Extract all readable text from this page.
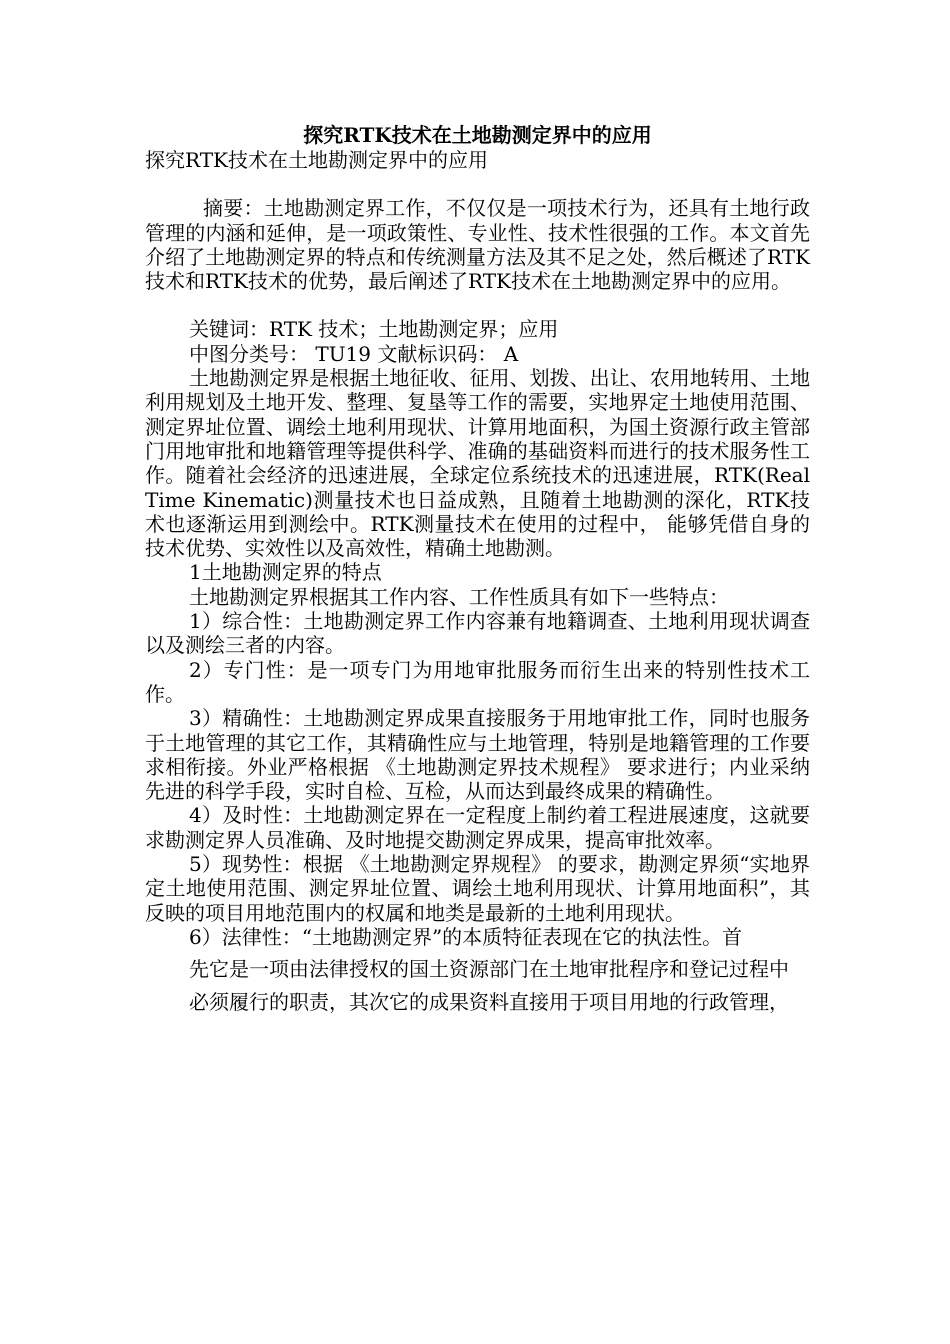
探究RTK技术在土地勘测定界中的应用

探究RTK技术在土地勘测定界中的应用

摘要：土地勘测定界工作，不仅仅是一项技术行为，还具有土地行政管理的内涵和延伸，是一项政策性、专业性、技术性很强的工作。本文首先介绍了土地勘测定界的特点和传统测量方法及其不足之处，然后概述了RTK技术和RTK技术的优势，最后阐述了RTK技术在土地勘测定界中的应用。

关键词：RTK 技术；土地勘测定界；应用

中图分类号： TU19 文献标识码： A

土地勘测定界是根据土地征收、征用、划拨、出让、农用地转用、土地利用规划及土地开发、整理、复垦等工作的需要，实地界定土地使用范围、测定界址位置、调绘土地利用现状、计算用地面积，为国土资源行政主管部门用地审批和地籍管理等提供科学、准确的基础资料而进行的技术服务性工作。随着社会经济的迅速进展，全球定位系统技术的迅速进展，RTK(Real Time Kinematic)测量技术也日益成熟，且随着土地勘测的深化，RTK技术也逐渐运用到测绘中。RTK测量技术在使用的过程中， 能够凭借自身的技术优势、实效性以及高效性，精确土地勘测。

1土地勘测定界的特点

土地勘测定界根据其工作内容、工作性质具有如下一些特点：

1）综合性：土地勘测定界工作内容兼有地籍调查、土地利用现状调查以及测绘三者的内容。

2）专门性：是一项专门为用地审批服务而衍生出来的特别性技术工作。

3）精确性：土地勘测定界成果直接服务于用地审批工作，同时也服务于土地管理的其它工作，其精确性应与土地管理，特别是地籍管理的工作要求相衔接。外业严格根据 《土地勘测定界技术规程》 要求进行；内业采纳先进的科学手段，实时自检、互检，从而达到最终成果的精确性。

4）及时性：土地勘测定界在一定程度上制约着工程进展速度，这就要求勘测定界人员准确、及时地提交勘测定界成果，提高审批效率。

5）现势性：根据 《土地勘测定界规程》 的要求，勘测定界须“实地界定土地使用范围、测定界址位置、调绘土地利用现状、计算用地面积”，其反映的项目用地范围内的权属和地类是最新的土地利用现状。

6）法律性：“土地勘测定界”的本质特征表现在它的执法性。首

先它是一项由法律授权的国土资源部门在土地审批程序和登记过程中

必须履行的职责，其次它的成果资料直接用于项目用地的行政管理，
